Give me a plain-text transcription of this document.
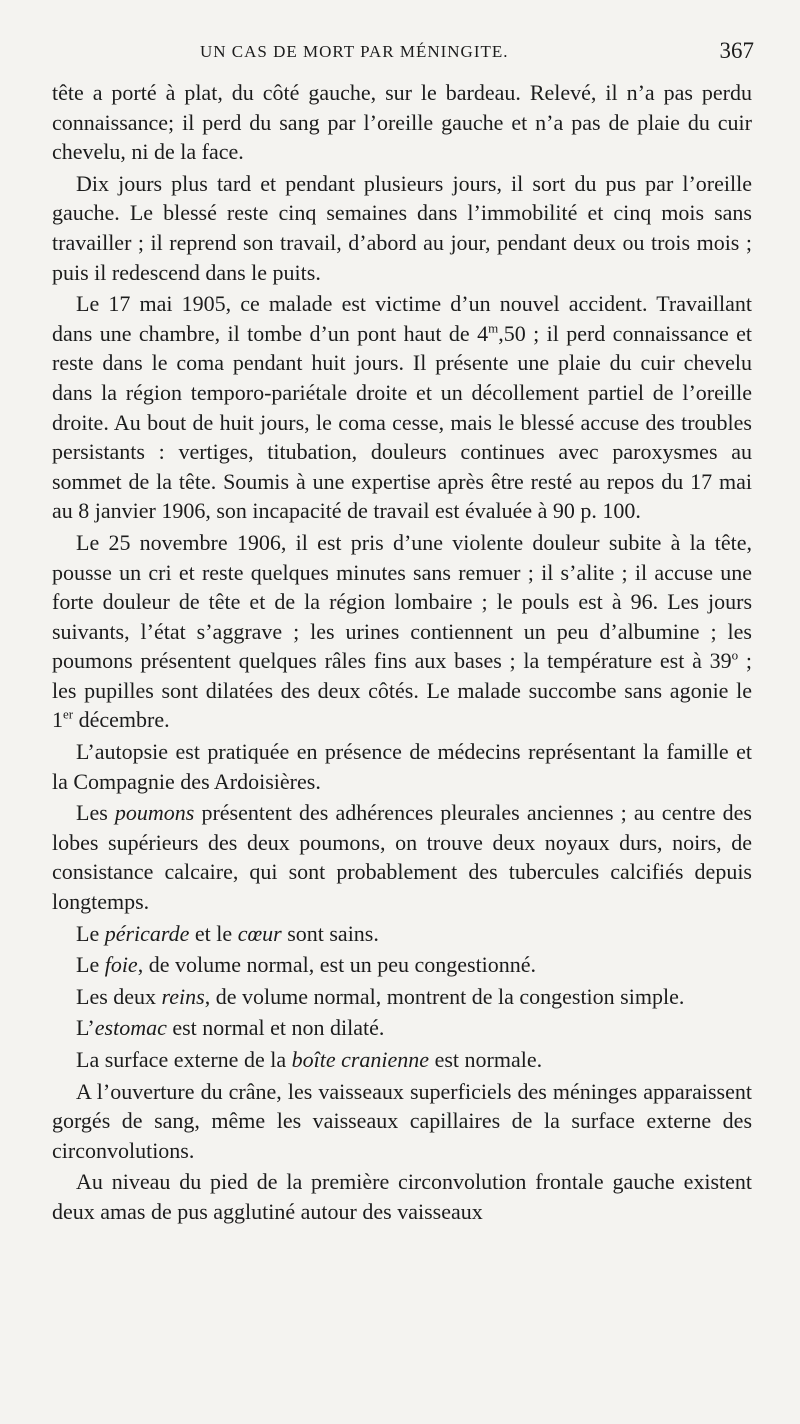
UN CAS DE MORT PAR MÉNINGITE.	367

tête a porté à plat, du côté gauche, sur le bardeau. Relevé, il n’a pas perdu connaissance; il perd du sang par l’oreille gauche et n’a pas de plaie du cuir chevelu, ni de la face.

Dix jours plus tard et pendant plusieurs jours, il sort du pus par l’oreille gauche. Le blessé reste cinq semaines dans l’immobilité et cinq mois sans travailler ; il reprend son travail, d’abord au jour, pendant deux ou trois mois ; puis il redescend dans le puits.

Le 17 mai 1905, ce malade est victime d’un nouvel accident. Travaillant dans une chambre, il tombe d’un pont haut de 4$^m$,50 ; il perd connaissance et reste dans le coma pendant huit jours. Il présente une plaie du cuir chevelu dans la région temporo-pariétale droite et un décollement partiel de l’oreille droite. Au bout de huit jours, le coma cesse, mais le blessé accuse des troubles persistants : vertiges, titubation, douleurs continues avec paroxysmes au sommet de la tête. Soumis à une expertise après être resté au repos du 17 mai au 8 janvier 1906, son incapacité de travail est évaluée à 90 p. 100.

Le 25 novembre 1906, il est pris d’une violente douleur subite à la tête, pousse un cri et reste quelques minutes sans remuer ; il s’alite ; il accuse une forte douleur de tête et de la région lombaire ; le pouls est à 96. Les jours suivants, l’état s’aggrave ; les urines contiennent un peu d’albumine ; les poumons présentent quelques râles fins aux bases ; la température est à 39$^o$ ; les pupilles sont dilatées des deux côtés. Le malade succombe sans agonie le 1er décembre.

L’autopsie est pratiquée en présence de médecins représentant la famille et la Compagnie des Ardoisières.

Les poumons présentent des adhérences pleurales anciennes ; au centre des lobes supérieurs des deux poumons, on trouve deux noyaux durs, noirs, de consistance calcaire, qui sont probablement des tubercules calcifiés depuis longtemps.

Le péricarde et le cœur sont sains.

Le foie, de volume normal, est un peu congestionné.

Les deux reins, de volume normal, montrent de la congestion simple.

L’estomac est normal et non dilaté.

La surface externe de la boîte cranienne est normale.

A l’ouverture du crâne, les vaisseaux superficiels des méninges apparaissent gorgés de sang, même les vaisseaux capillaires de la surface externe des circonvolutions.

Au niveau du pied de la première circonvolution frontale gauche existent deux amas de pus agglutiné autour des vaisseaux
